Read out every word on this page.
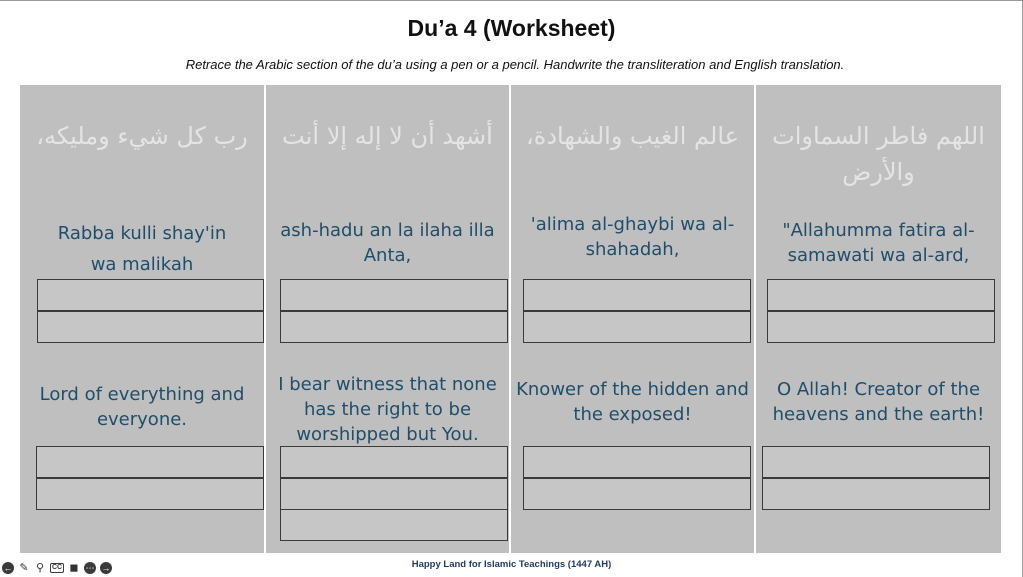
Du’a 4 (Worksheet)
Retrace the Arabic section of the du’a using a pen or a pencil. Handwrite the transliteration and English translation.
رب كل شيء ومليكه،	أشهد أن لا إله إلا أنت	عالم الغيب والشهادة،	اللهم فاطر السماوات
والأرض
Rabba kulli shay'in
wa malikah
ash-hadu an la ilaha illa
Anta,
'alima al-ghaybi wa al-
shahadah,
"Allahumma fatira al-
samawati wa al-ard,
Lord of everything and
everyone.
I bear witness that none
has the right to be
worshipped but You.
Knower of the hidden and
the exposed!
O Allah! Creator of the
heavens and the earth!
← ✎ ⚲ CC ◼ ⋯ →	Happy Land for Islamic Teachings (1447 AH)
